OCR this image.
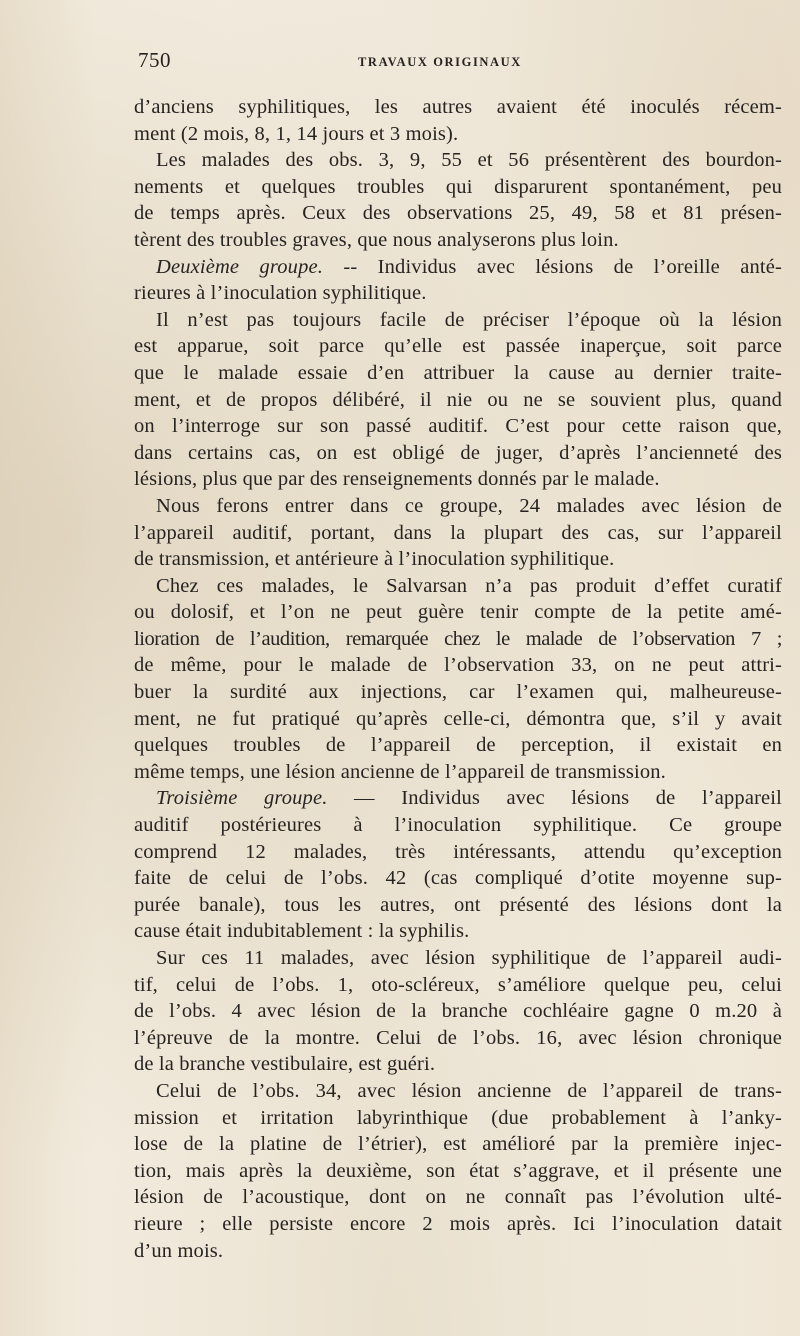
750	TRAVAUX ORIGINAUX
d’anciens syphilitiques, les autres avaient été inoculés récem-
ment (2 mois, 8, 1, 14 jours et 3 mois).
Les malades des obs. 3, 9, 55 et 56 présentèrent des bourdon-
nements et quelques troubles qui disparurent spontanément, peu
de temps après. Ceux des observations 25, 49, 58 et 81 présen-
tèrent des troubles graves, que nous analyserons plus loin.
Deuxième groupe. -- Individus avec lésions de l’oreille anté-
rieures à l’inoculation syphilitique.
Il n’est pas toujours facile de préciser l’époque où la lésion
est apparue, soit parce qu’elle est passée inaperçue, soit parce
que le malade essaie d’en attribuer la cause au dernier traite-
ment, et de propos délibéré, il nie ou ne se souvient plus, quand
on l’interroge sur son passé auditif. C’est pour cette raison que,
dans certains cas, on est obligé de juger, d’après l’ancienneté des
lésions, plus que par des renseignements donnés par le malade.
Nous ferons entrer dans ce groupe, 24 malades avec lésion de
l’appareil auditif, portant, dans la plupart des cas, sur l’appareil
de transmission, et antérieure à l’inoculation syphilitique.
Chez ces malades, le Salvarsan n’a pas produit d’effet curatif
ou dolosif, et l’on ne peut guère tenir compte de la petite amé-
lioration de l’audition, remarquée chez le malade de l’observation 7 ;
de même, pour le malade de l’observation 33, on ne peut attri-
buer la surdité aux injections, car l’examen qui, malheureuse-
ment, ne fut pratiqué qu’après celle-ci, démontra que, s’il y avait
quelques troubles de l’appareil de perception, il existait en
même temps, une lésion ancienne de l’appareil de transmission.
Troisième groupe. — Individus avec lésions de l’appareil
auditif postérieures à l’inoculation syphilitique. Ce groupe
comprend 12 malades, très intéressants, attendu qu’exception
faite de celui de l’obs. 42 (cas compliqué d’otite moyenne sup-
purée banale), tous les autres, ont présenté des lésions dont la
cause était indubitablement : la syphilis.
Sur ces 11 malades, avec lésion syphilitique de l’appareil audi-
tif, celui de l’obs. 1, oto-scléreux, s’améliore quelque peu, celui
de l’obs. 4 avec lésion de la branche cochléaire gagne 0 m.20 à
l’épreuve de la montre. Celui de l’obs. 16, avec lésion chronique
de la branche vestibulaire, est guéri.
Celui de l’obs. 34, avec lésion ancienne de l’appareil de trans-
mission et irritation labyrinthique (due probablement à l’anky-
lose de la platine de l’étrier), est amélioré par la première injec-
tion, mais après la deuxième, son état s’aggrave, et il présente une
lésion de l’acoustique, dont on ne connaît pas l’évolution ulté-
rieure ; elle persiste encore 2 mois après. Ici l’inoculation datait
d’un mois.
